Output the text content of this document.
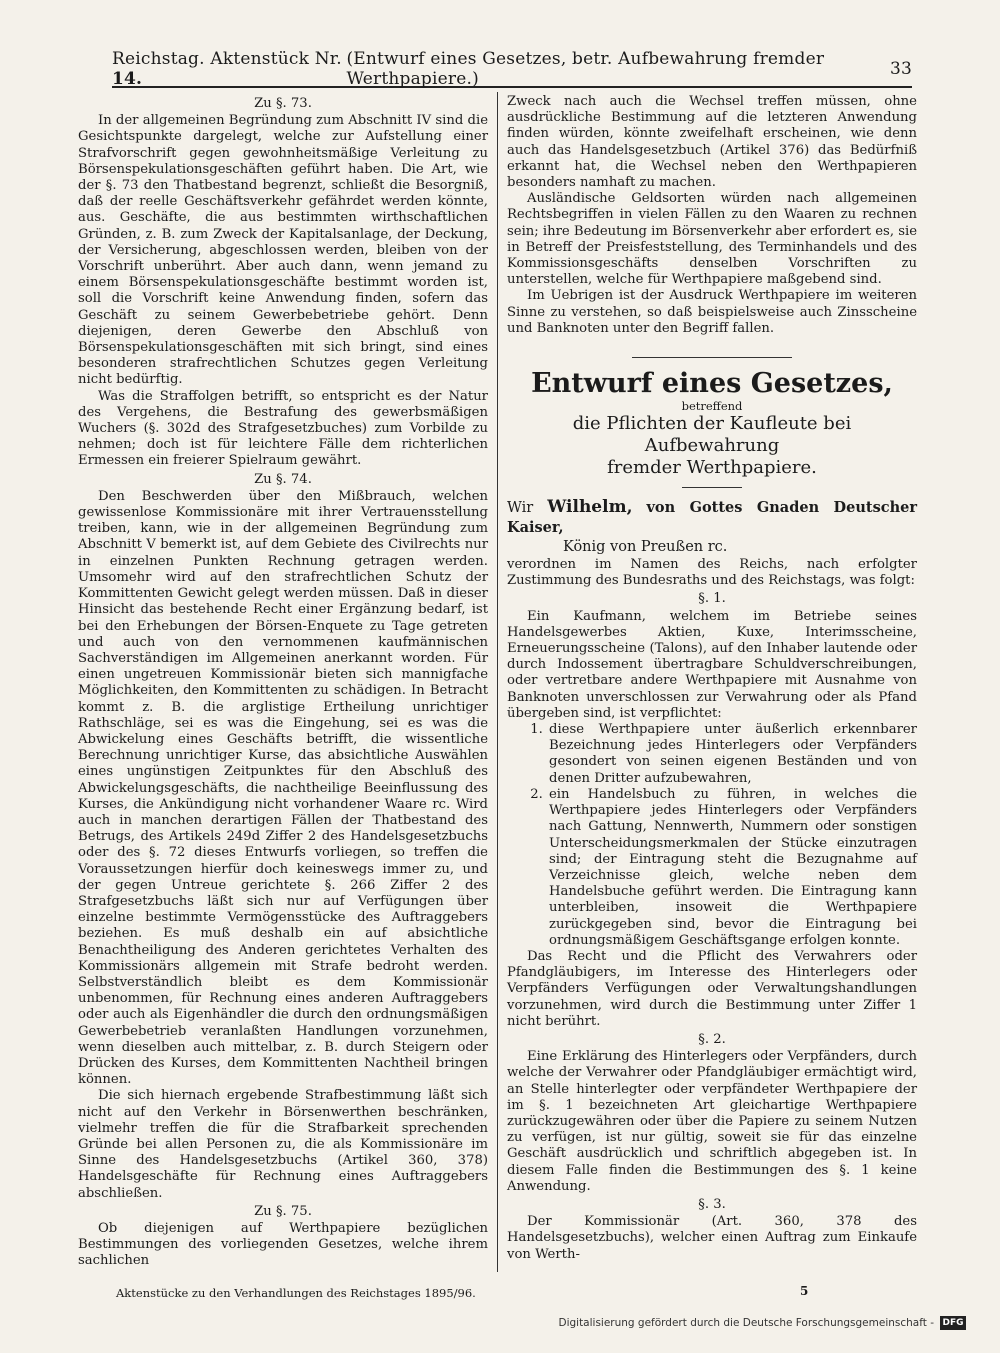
Reichstag. Aktenstück Nr. 14.
(Entwurf eines Gesetzes, betr. Aufbewahrung fremder Werthpapiere.)	33
Zu §. 73.

In der allgemeinen Begründung zum Abschnitt IV sind die Gesichtspunkte dargelegt, welche zur Aufstellung einer Strafvorschrift gegen gewohnheitsmäßige Verleitung zu Börsenspekulationsgeschäften geführt haben. Die Art, wie der §. 73 den Thatbestand begrenzt, schließt die Besorgniß, daß der reelle Geschäftsverkehr gefährdet werden könnte, aus. Geschäfte, die aus bestimmten wirthschaftlichen Gründen, z. B. zum Zweck der Kapitalsanlage, der Deckung, der Versicherung, abgeschlossen werden, bleiben von der Vorschrift unberührt. Aber auch dann, wenn jemand zu einem Börsenspekulationsgeschäfte bestimmt worden ist, soll die Vorschrift keine Anwendung finden, sofern das Geschäft zu seinem Gewerbebetriebe gehört. Denn diejenigen, deren Gewerbe den Abschluß von Börsenspekulationsgeschäften mit sich bringt, sind eines besonderen strafrechtlichen Schutzes gegen Verleitung nicht bedürftig.

Was die Straffolgen betrifft, so entspricht es der Natur des Vergehens, die Bestrafung des gewerbsmäßigen Wuchers (§. 302d des Strafgesetzbuches) zum Vorbilde zu nehmen; doch ist für leichtere Fälle dem richterlichen Ermessen ein freierer Spielraum gewährt.

Zu §. 74.

Den Beschwerden über den Mißbrauch, welchen gewissenlose Kommissionäre mit ihrer Vertrauensstellung treiben, kann, wie in der allgemeinen Begründung zum Abschnitt V bemerkt ist, auf dem Gebiete des Civilrechts nur in einzelnen Punkten Rechnung getragen werden. Umsomehr wird auf den strafrechtlichen Schutz der Kommittenten Gewicht gelegt werden müssen. Daß in dieser Hinsicht das bestehende Recht einer Ergänzung bedarf, ist bei den Erhebungen der Börsen-Enquete zu Tage getreten und auch von den vernommenen kaufmännischen Sachverständigen im Allgemeinen anerkannt worden. Für einen ungetreuen Kommissionär bieten sich mannigfache Möglichkeiten, den Kommittenten zu schädigen. In Betracht kommt z. B. die arglistige Ertheilung unrichtiger Rathschläge, sei es was die Eingehung, sei es was die Abwickelung eines Geschäfts betrifft, die wissentliche Berechnung unrichtiger Kurse, das absichtliche Auswählen eines ungünstigen Zeitpunktes für den Abschluß des Abwickelungsgeschäfts, die nachtheilige Beeinflussung des Kurses, die Ankündigung nicht vorhandener Waare rc. Wird auch in manchen derartigen Fällen der Thatbestand des Betrugs, des Artikels 249d Ziffer 2 des Handelsgesetzbuchs oder des §. 72 dieses Entwurfs vorliegen, so treffen die Voraussetzungen hierfür doch keineswegs immer zu, und der gegen Untreue gerichtete §. 266 Ziffer 2 des Strafgesetzbuchs läßt sich nur auf Verfügungen über einzelne bestimmte Vermögensstücke des Auftraggebers beziehen. Es muß deshalb ein auf absichtliche Benachtheiligung des Anderen gerichtetes Verhalten des Kommissionärs allgemein mit Strafe bedroht werden. Selbstverständlich bleibt es dem Kommissionär unbenommen, für Rechnung eines anderen Auftraggebers oder auch als Eigenhändler die durch den ordnungsmäßigen Gewerbebetrieb veranlaßten Handlungen vorzunehmen, wenn dieselben auch mittelbar, z. B. durch Steigern oder Drücken des Kurses, dem Kommittenten Nachtheil bringen können.

Die sich hiernach ergebende Strafbestimmung läßt sich nicht auf den Verkehr in Börsenwerthen beschränken, vielmehr treffen die für die Strafbarkeit sprechenden Gründe bei allen Personen zu, die als Kommissionäre im Sinne des Handelsgesetzbuchs (Artikel 360, 378) Handelsgeschäfte für Rechnung eines Auftraggebers abschließen.

Zu §. 75.

Ob diejenigen auf Werthpapiere bezüglichen Bestimmungen des vorliegenden Gesetzes, welche ihrem sachlichen

Zweck nach auch die Wechsel treffen müssen, ohne ausdrückliche Bestimmung auf die letzteren Anwendung finden würden, könnte zweifelhaft erscheinen, wie denn auch das Handelsgesetzbuch (Artikel 376) das Bedürfniß erkannt hat, die Wechsel neben den Werthpapieren besonders namhaft zu machen.

Ausländische Geldsorten würden nach allgemeinen Rechtsbegriffen in vielen Fällen zu den Waaren zu rechnen sein; ihre Bedeutung im Börsenverkehr aber erfordert es, sie in Betreff der Preisfeststellung, des Terminhandels und des Kommissionsgeschäfts denselben Vorschriften zu unterstellen, welche für Werthpapiere maßgebend sind.

Im Uebrigen ist der Ausdruck Werthpapiere im weiteren Sinne zu verstehen, so daß beispielsweise auch Zinsscheine und Banknoten unter den Begriff fallen.

Entwurf eines Gesetzes,
betreffend
die Pflichten der Kaufleute bei Aufbewahrung
fremder Werthpapiere.
Wir Wilhelm, von Gottes Gnaden Deutscher Kaiser,
König von Preußen rc.

verordnen im Namen des Reichs, nach erfolgter Zustimmung des Bundesraths und des Reichstags, was folgt:

§. 1.

Ein Kaufmann, welchem im Betriebe seines Handelsgewerbes Aktien, Kuxe, Interimsscheine, Erneuerungsscheine (Talons), auf den Inhaber lautende oder durch Indossement übertragbare Schuldverschreibungen, oder vertretbare andere Werthpapiere mit Ausnahme von Banknoten unverschlossen zur Verwahrung oder als Pfand übergeben sind, ist verpflichtet:

1. diese Werthpapiere unter äußerlich erkennbarer Bezeichnung jedes Hinterlegers oder Verpfänders gesondert von seinen eigenen Beständen und von denen Dritter aufzubewahren,
2. ein Handelsbuch zu führen, in welches die Werthpapiere jedes Hinterlegers oder Verpfänders nach Gattung, Nennwerth, Nummern oder sonstigen Unterscheidungsmerkmalen der Stücke einzutragen sind; der Eintragung steht die Bezugnahme auf Verzeichnisse gleich, welche neben dem Handelsbuche geführt werden. Die Eintragung kann unterbleiben, insoweit die Werthpapiere zurückgegeben sind, bevor die Eintragung bei ordnungsmäßigem Geschäftsgange erfolgen konnte.

Das Recht und die Pflicht des Verwahrers oder Pfandgläubigers, im Interesse des Hinterlegers oder Verpfänders Verfügungen oder Verwaltungshandlungen vorzunehmen, wird durch die Bestimmung unter Ziffer 1 nicht berührt.

§. 2.

Eine Erklärung des Hinterlegers oder Verpfänders, durch welche der Verwahrer oder Pfandgläubiger ermächtigt wird, an Stelle hinterlegter oder verpfändeter Werthpapiere der im §. 1 bezeichneten Art gleichartige Werthpapiere zurückzugewähren oder über die Papiere zu seinem Nutzen zu verfügen, ist nur gültig, soweit sie für das einzelne Geschäft ausdrücklich und schriftlich abgegeben ist. In diesem Falle finden die Bestimmungen des §. 1 keine Anwendung.

§. 3.

Der Kommissionär (Art. 360, 378 des Handelsgesetzbuchs), welcher einen Auftrag zum Einkaufe von Werth-

Aktenstücke zu den Verhandlungen des Reichstages 1895/96.	5
Digitalisierung gefördert durch die Deutsche Forschungsgemeinschaft - DFG
